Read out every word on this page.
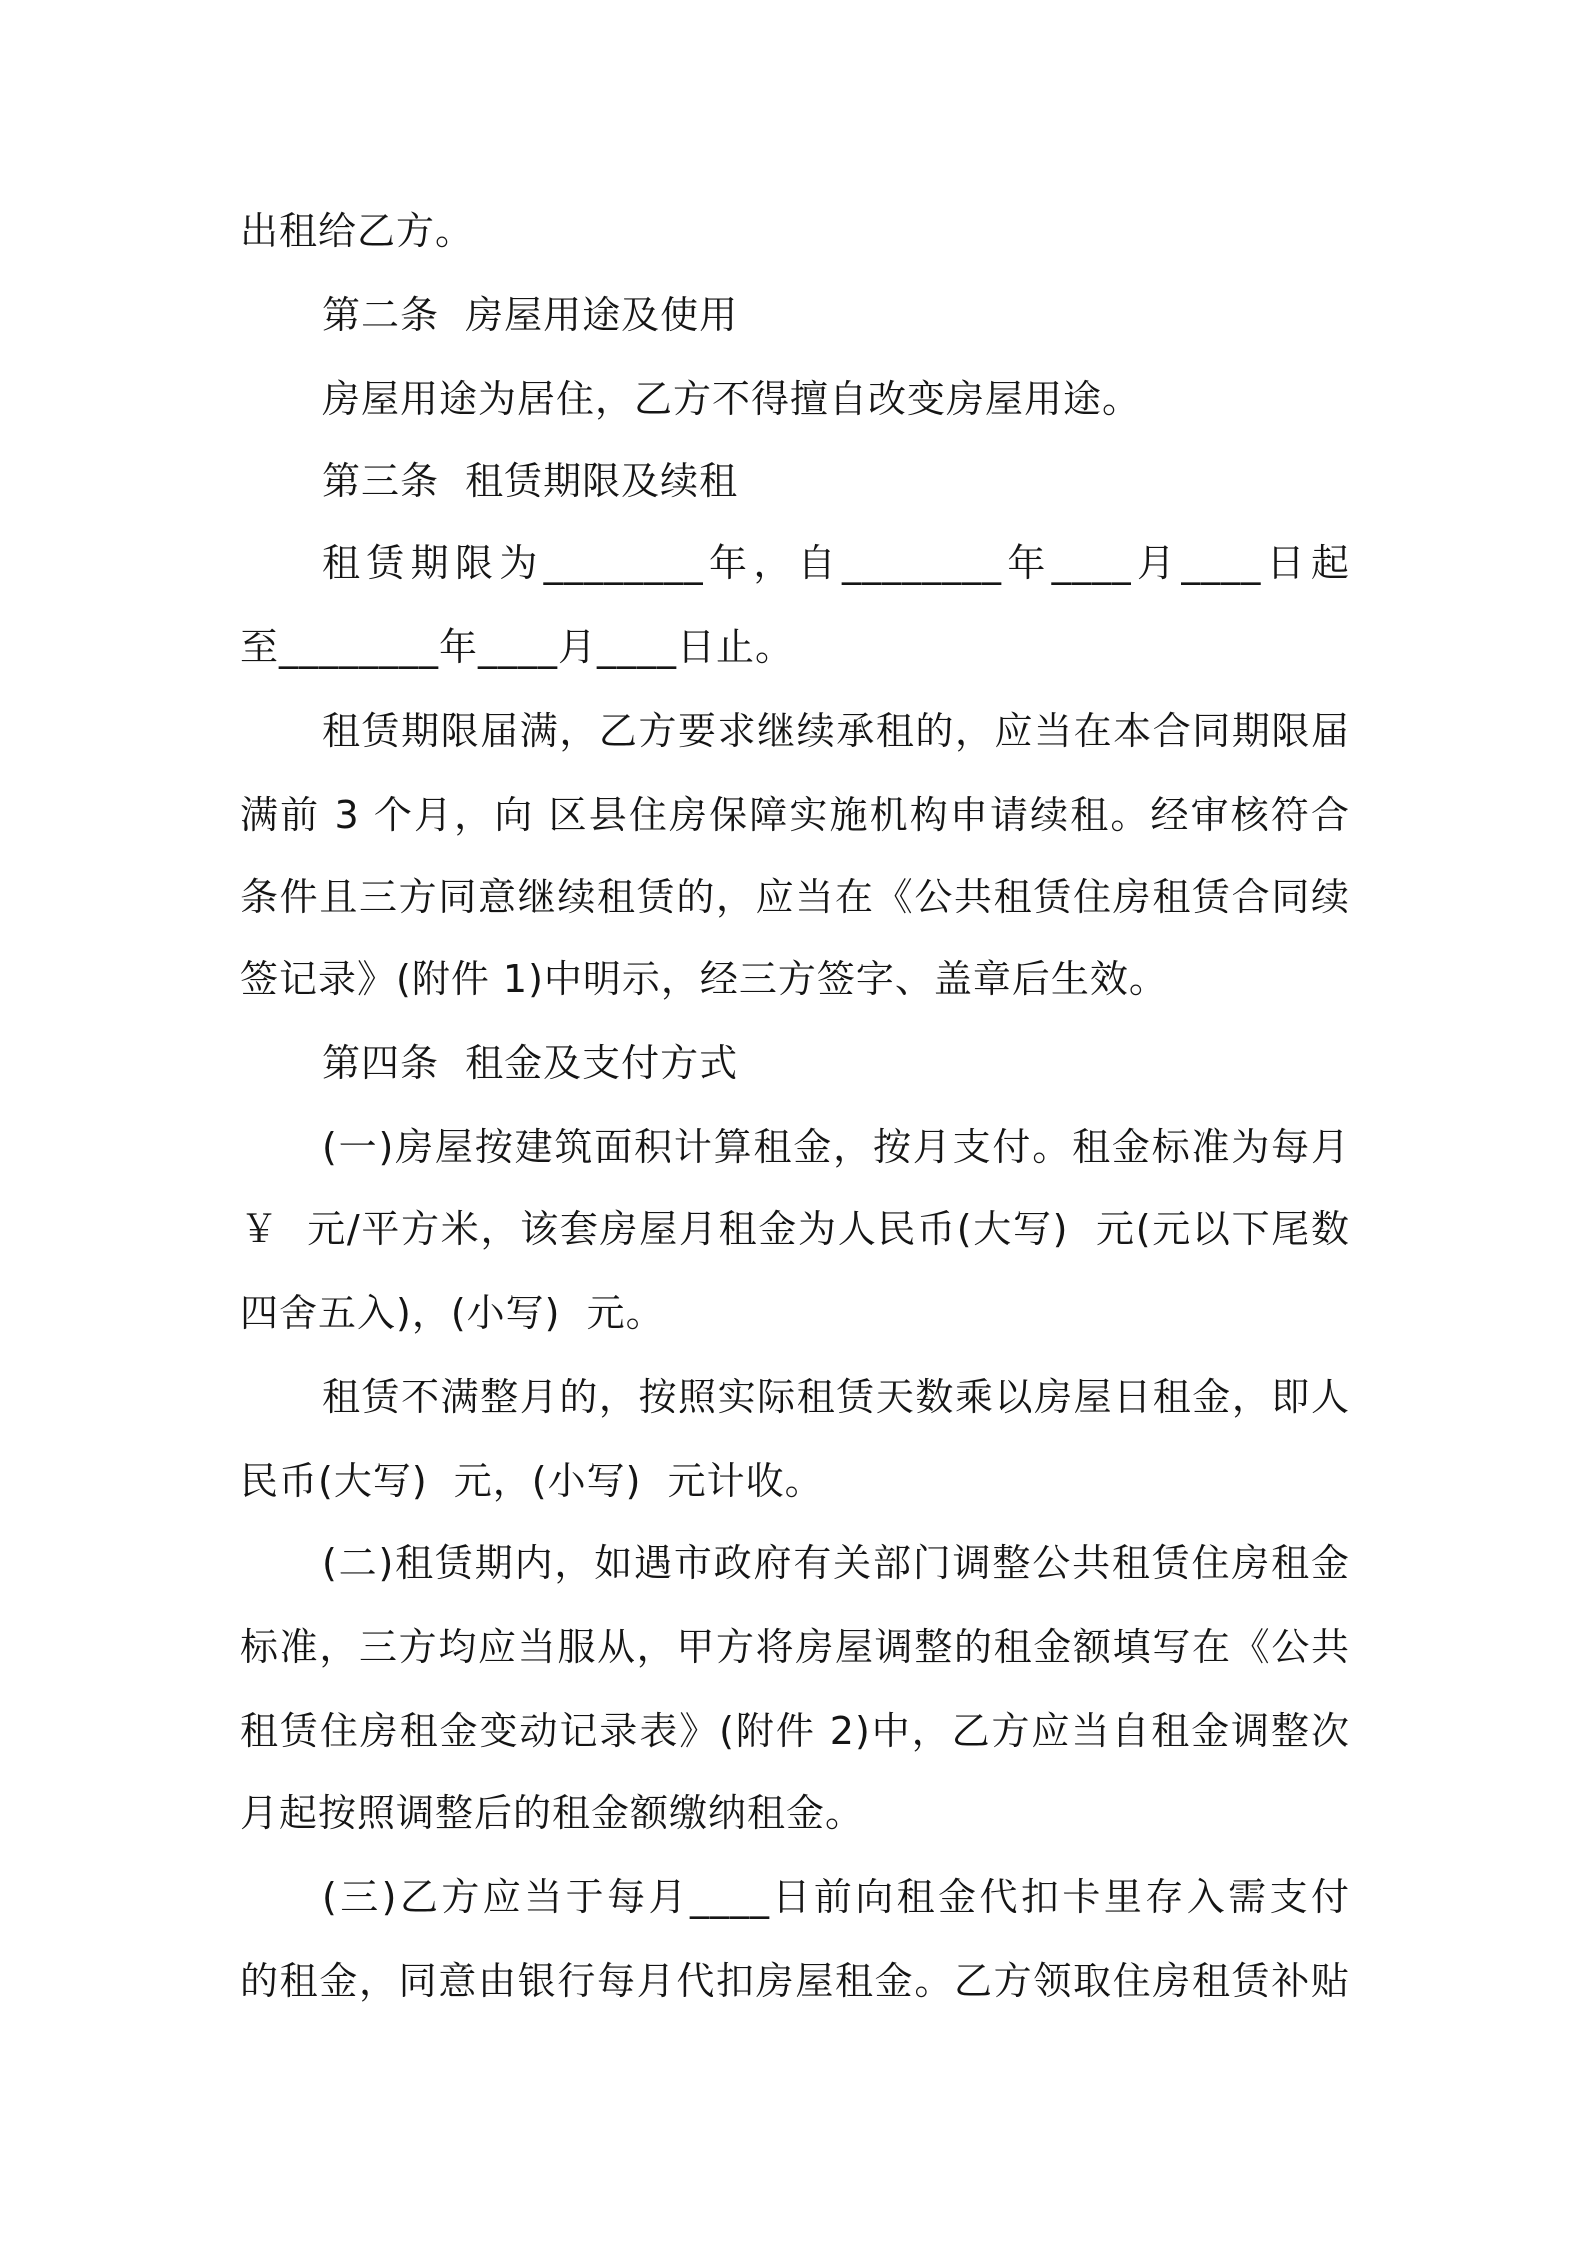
出租给乙方。
第二条  房屋用途及使用
房屋用途为居住，乙方不得擅自改变房屋用途。
第三条  租赁期限及续租
租赁期限为________年，自________年____月____日起
至________年____月____日止。
租赁期限届满，乙方要求继续承租的，应当在本合同期限届
满前 3 个月，向 区县住房保障实施机构申请续租。经审核符合
条件且三方同意继续租赁的，应当在《公共租赁住房租赁合同续
签记录》(附件 1)中明示，经三方签字、盖章后生效。
第四条  租金及支付方式
(一)房屋按建筑面积计算租金，按月支付。租金标准为每月
￥  元/平方米，该套房屋月租金为人民币(大写)  元(元以下尾数
四舍五入)，(小写)  元。
租赁不满整月的，按照实际租赁天数乘以房屋日租金，即人
民币(大写)  元，(小写)  元计收。
(二)租赁期内，如遇市政府有关部门调整公共租赁住房租金
标准，三方均应当服从，甲方将房屋调整的租金额填写在《公共
租赁住房租金变动记录表》(附件 2)中，乙方应当自租金调整次
月起按照调整后的租金额缴纳租金。
(三)乙方应当于每月____日前向租金代扣卡里存入需支付
的租金，同意由银行每月代扣房屋租金。乙方领取住房租赁补贴
